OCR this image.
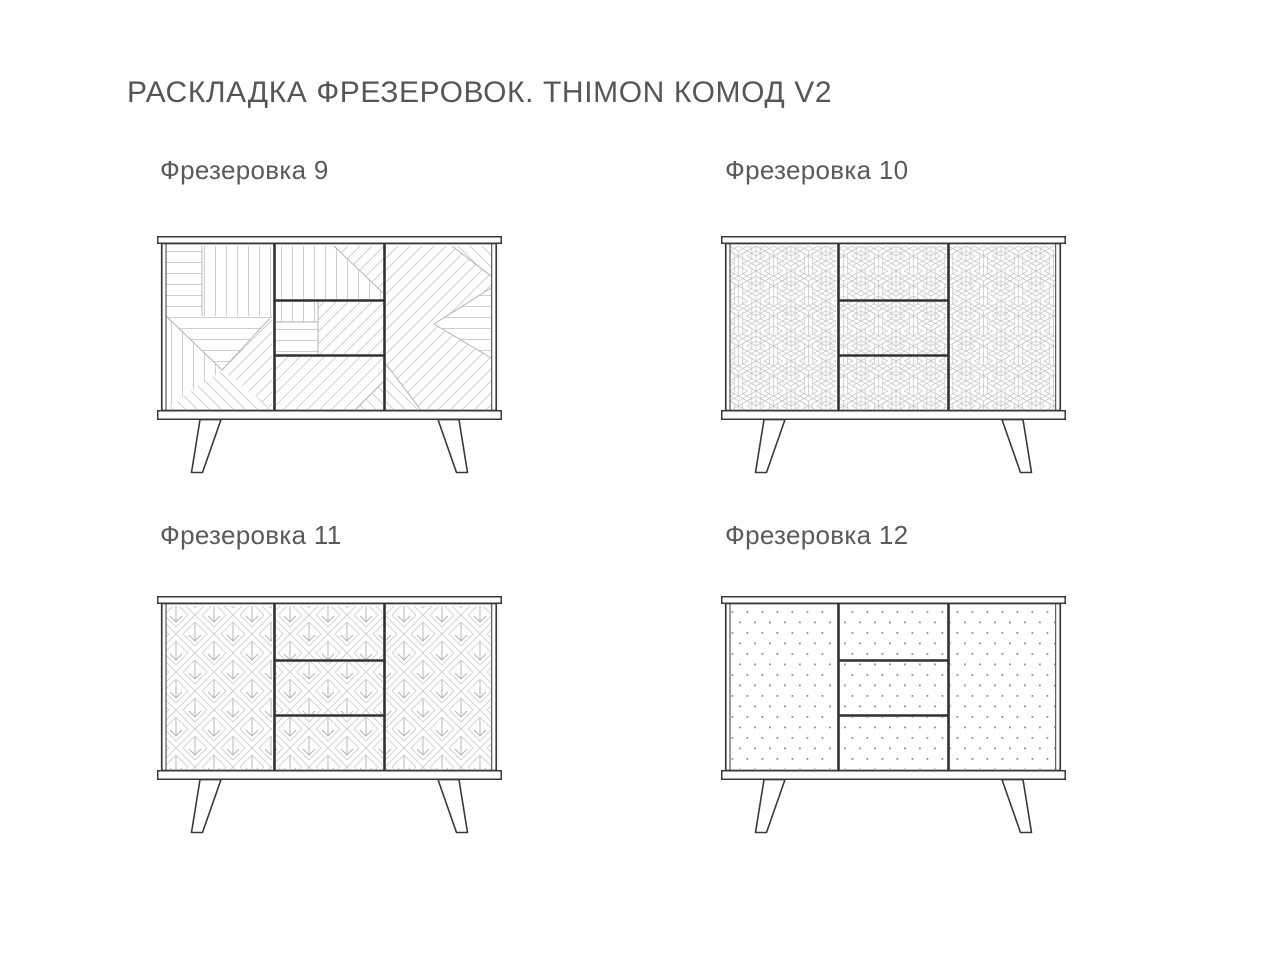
РАСКЛАДКА ФРЕЗЕРОВОК. THIMON КОМОД V2
Фрезеровка 9	Фрезеровка 10
Фрезеровка 11	Фрезеровка 12
